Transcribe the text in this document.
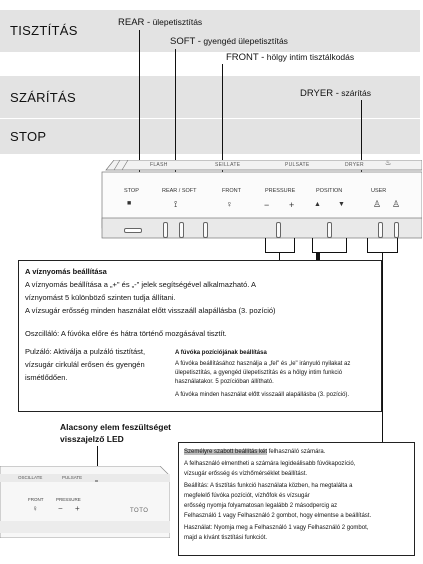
TISZTÍTÁS
SZÁRÍTÁS
STOP
REAR - ülepetisztítás
SOFT - gyengéd ülepetisztítás
FRONT - hölgy intim tisztálkodás
DRYER - szárítás
FLASH	SEILLATE	PULSATE	DRYER	♨
STOP	REAR / SOFT	FRONT	PRESSURE	POSITION	USER
■	⟟	♀	− +	▲ ▼	♙ ♙
A víznyomás beállítása
A víznyomás beállítása a „+" és „-" jelek segítségével alkalmazható. A
víznyomást 5 különböző szinten tudja állítani.
A vízsugár erősség minden használat előtt visszaáll alapállásba (3. pozíció)
Oszcilláló: A fúvóka előre és hátra történő mozgásával tisztít.
Pulzáló: Aktiválja a pulzáló tisztítást,
vízsugár cirkulál erősen és gyengén
ismétlődően.
A fúvóka pozíciójának beállítása
A fúvóka beállításához használja a „fel" és „le" irányuló nyilakat az
ülepetisztítás, a gyengéd ülepetisztítás és a hölgy intim funkció
használatakor. 5 pozícióban állítható.
A fúvóka minden használat előtt visszaáll alapállásba (3. pozíció).
Alacsony elem feszültséget
visszajelző LED
OSCILLATE	PULSATE
FRONT	PRESSURE
♀	− +	TOTO
Személyre szabott beállítás két felhasználó számára.
A felhasználó elmentheti a számára legideálisabb fúvókapozíció,
vízsugár erősség és vízhőmérséklet beállítást.
Beállítás: A tisztítás funkció használata közben, ha megtalálta a
megfelelő fúvóka pozíciót, vízhőfok és vízsugár
erősség nyomja folyamatosan legalább 2 másodpercig az
Felhasználó 1 vagy Felhasználó 2 gombot, hogy elmentse a beállítást.
Használat: Nyomja meg a Felhasználó 1 vagy Felhasználó 2 gombot,
majd a kívánt tisztítási funkciót.
